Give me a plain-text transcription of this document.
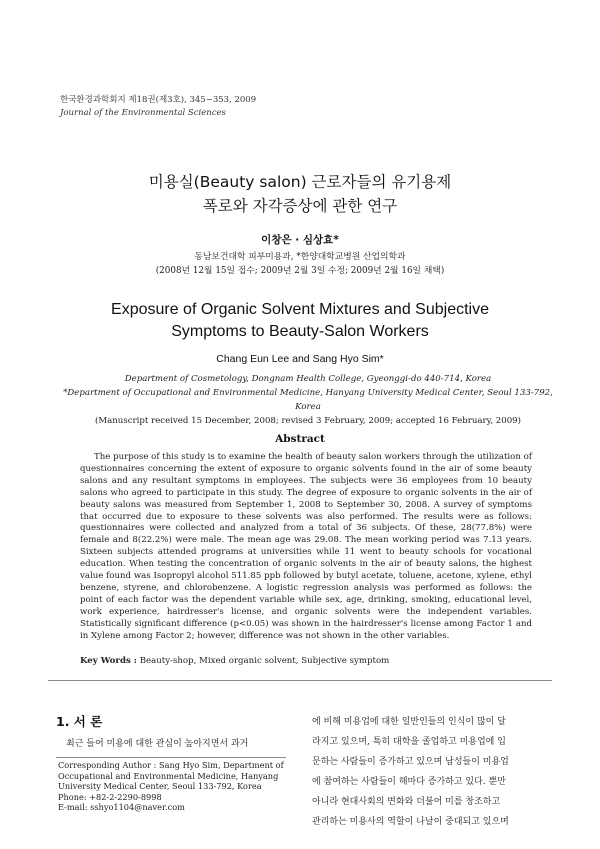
한국환경과학회지 제18권(제3호), 345~353, 2009
Journal of the Environmental Sciences
미용실(Beauty salon) 근로자들의 유기용제
폭로와 자각증상에 관한 연구
이창은 · 심상효*
동남보건대학 피부미용과, *한양대학교병원 산업의학과
(2008년 12월 15일 접수; 2009년 2월 3일 수정; 2009년 2월 16일 채택)
Exposure of Organic Solvent Mixtures and Subjective
Symptoms to Beauty-Salon Workers
Chang Eun Lee and Sang Hyo Sim*
Department of Cosmetology, Dongnam Health College, Gyeonggi-do 440-714, Korea
*Department of Occupational and Environmental Medicine, Hanyang University Medical Center, Seoul 133-792, Korea
(Manuscript received 15 December, 2008; revised 3 February, 2009; accepted 16 February, 2009)
Abstract
The purpose of this study is to examine the health of beauty salon workers through the utilization of questionnaires concerning the extent of exposure to organic solvents found in the air of some beauty salons and any resultant symptoms in employees. The subjects were 36 employees from 10 beauty salons who agreed to participate in this study. The degree of exposure to organic solvents in the air of beauty salons was measured from September 1, 2008 to September 30, 2008. A survey of symptoms that occurred due to exposure to these solvents was also performed. The results were as follows: questionnaires were collected and analyzed from a total of 36 subjects. Of these, 28(77.8%) were female and 8(22.2%) were male. The mean age was 29.08. The mean working period was 7.13 years. Sixteen subjects attended programs at universities while 11 went to beauty schools for vocational education. When testing the concentration of organic solvents in the air of beauty salons, the highest value found was Isopropyl alcohol 511.85 ppb followed by butyl acetate, toluene, acetone, xylene, ethyl benzene, styrene, and chlorobenzene. A logistic regression analysis was performed as follows: the point of each factor was the dependent variable while sex, age, drinking, smoking, educational level, work experience, hairdresser's license, and organic solvents were the independent variables. Statistically significant difference (p<0.05) was shown in the hairdresser's license among Factor 1 and in Xylene among Factor 2; however, difference was not shown in the other variables.
Key Words : Beauty-shop, Mixed organic solvent, Subjective symptom
1. 서 론
최근 들어 미용에 대한 관심이 높아지면서 과거
Corresponding Author : Sang Hyo Sim, Department of Occupational and Environmental Medicine, Hanyang University Medical Center, Seoul 133-792, Korea
Phone: +82-2-2290-8998
E-mail: sshyo1104@naver.com
에 비해 미용업에 대한 일반인들의 인식이 많이 달
라지고 있으며, 특히 대학을 졸업하고 미용업에 입
문하는 사람들이 증가하고 있으며 남성들이 미용업
에 참여하는 사람들이 해마다 증가하고 있다. 뿐만
아니라 현대사회의 변화와 더불어 미를 창조하고
관리하는 미용사의 역할이 나날이 중대되고 있으며
